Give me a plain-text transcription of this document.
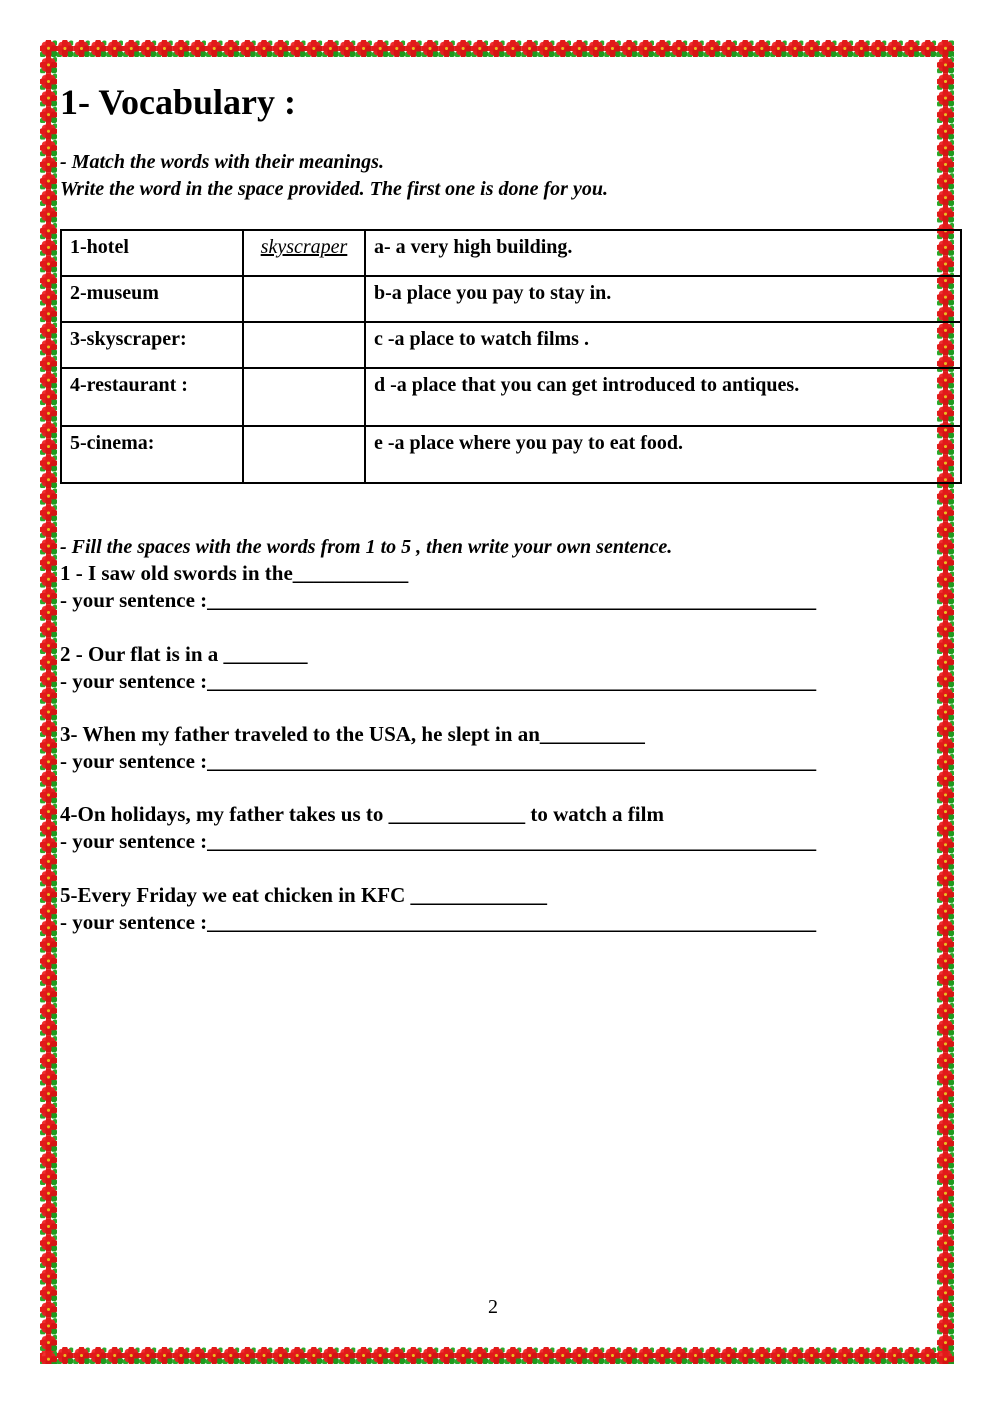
1- Vocabulary :

- Match the words with their meanings.

Write the word in the space provided. The first one is done for you.

1-hotel	skyscraper	a- a very high building.
2-museum		b-a place you pay to stay in.
3-skyscraper:		c -a place to watch films .
4-restaurant :		d -a place that you can get introduced to antiques.
5-cinema:		e -a place where you pay to eat food.

- Fill the spaces with the words from 1 to 5 , then write your own sentence.

1 - I saw old swords in the___________

- your sentence :__________________________________________________________

2 - Our flat is in a ________

- your sentence :__________________________________________________________

3- When my father traveled to the USA, he slept in an__________

- your sentence :__________________________________________________________

4-On holidays, my father takes us to _____________ to watch a film

- your sentence :__________________________________________________________

5-Every Friday we eat chicken in KFC _____________

- your sentence :__________________________________________________________

2
